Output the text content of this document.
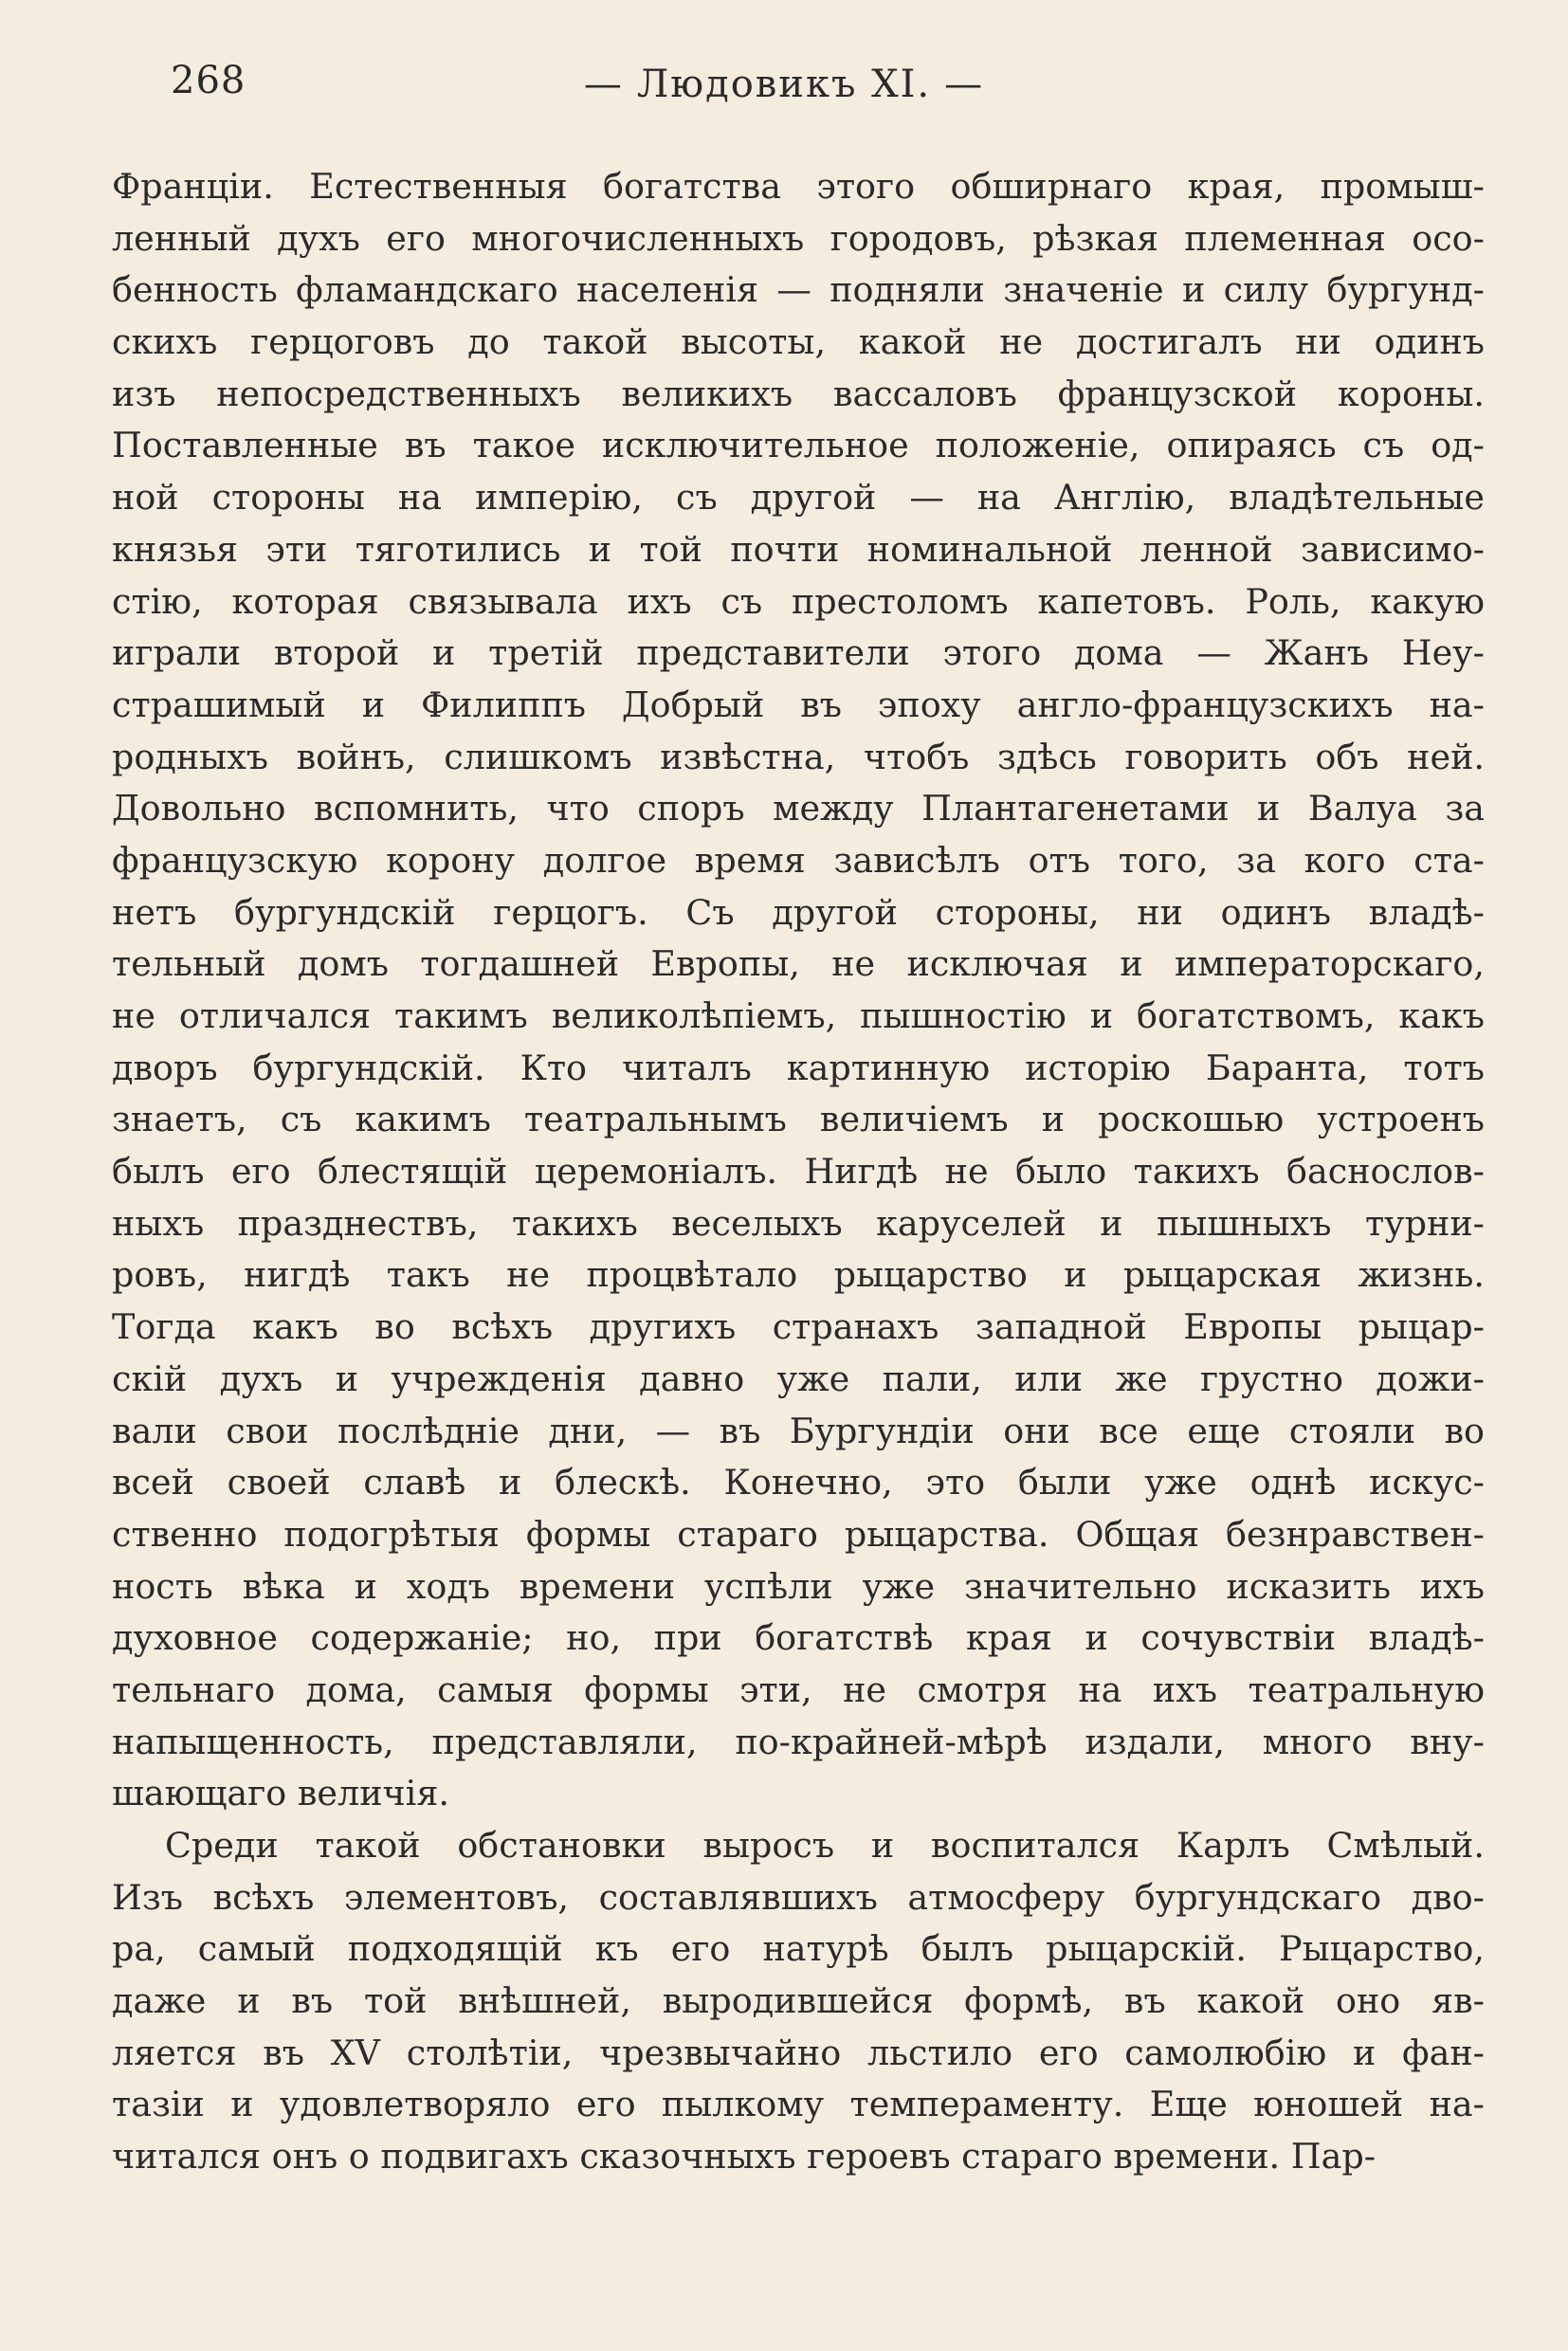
268	— Людовикъ XI. —
Франціи. Естественныя богатства этого обширнаго края, промыш-
ленный духъ его многочисленныхъ городовъ, рѣзкая племенная осо-
бенность фламандскаго населенія — подняли значеніе и силу бургунд-
скихъ герцоговъ до такой высоты, какой не достигалъ ни одинъ
изъ непосредственныхъ великихъ вассаловъ французской короны.
Поставленные въ такое исключительное положеніе, опираясь съ од-
ной стороны на имперію, съ другой — на Англію, владѣтельные
князья эти тяготились и той почти номинальной ленной зависимо-
стію, которая связывала ихъ съ престоломъ капетовъ. Роль, какую
играли второй и третій представители этого дома — Жанъ Неу-
страшимый и Филиппъ Добрый въ эпоху англо-французскихъ на-
родныхъ войнъ, слишкомъ извѣстна, чтобъ здѣсь говорить объ ней.
Довольно вспомнить, что споръ между Плантагенетами и Валуа за
французскую корону долгое время зависѣлъ отъ того, за кого ста-
нетъ бургундскій герцогъ. Съ другой стороны, ни одинъ владѣ-
тельный домъ тогдашней Европы, не исключая и императорскаго,
не отличался такимъ великолѣпіемъ, пышностію и богатствомъ, какъ
дворъ бургундскій. Кто читалъ картинную исторію Баранта, тотъ
знаетъ, съ какимъ театральнымъ величіемъ и роскошью устроенъ
былъ его блестящій церемоніалъ. Нигдѣ не было такихъ баснослов-
ныхъ празднествъ, такихъ веселыхъ каруселей и пышныхъ турни-
ровъ, нигдѣ такъ не процвѣтало рыцарство и рыцарская жизнь.
Тогда какъ во всѣхъ другихъ странахъ западной Европы рыцар-
скій духъ и учрежденія давно уже пали, или же грустно дожи-
вали свои послѣдніе дни, — въ Бургундіи они все еще стояли во
всей своей славѣ и блескѣ. Конечно, это были уже однѣ искус-
ственно подогрѣтыя формы стараго рыцарства. Общая безнравствен-
ность вѣка и ходъ времени успѣли уже значительно исказить ихъ
духовное содержаніе; но, при богатствѣ края и сочувствіи владѣ-
тельнаго дома, самыя формы эти, не смотря на ихъ театральную
напыщенность, представляли, по-крайней-мѣрѣ издали, много вну-
шающаго величія.
Среди такой обстановки выросъ и воспитался Карлъ Смѣлый.
Изъ всѣхъ элементовъ, составлявшихъ атмосферу бургундскаго дво-
ра, самый подходящій къ его натурѣ былъ рыцарскій. Рыцарство,
даже и въ той внѣшней, выродившейся формѣ, въ какой оно яв-
ляется въ XV столѣтіи, чрезвычайно льстило его самолюбію и фан-
тазіи и удовлетворяло его пылкому темпераменту. Еще юношей на-
читался онъ о подвигахъ сказочныхъ героевъ стараго времени. Пар-
